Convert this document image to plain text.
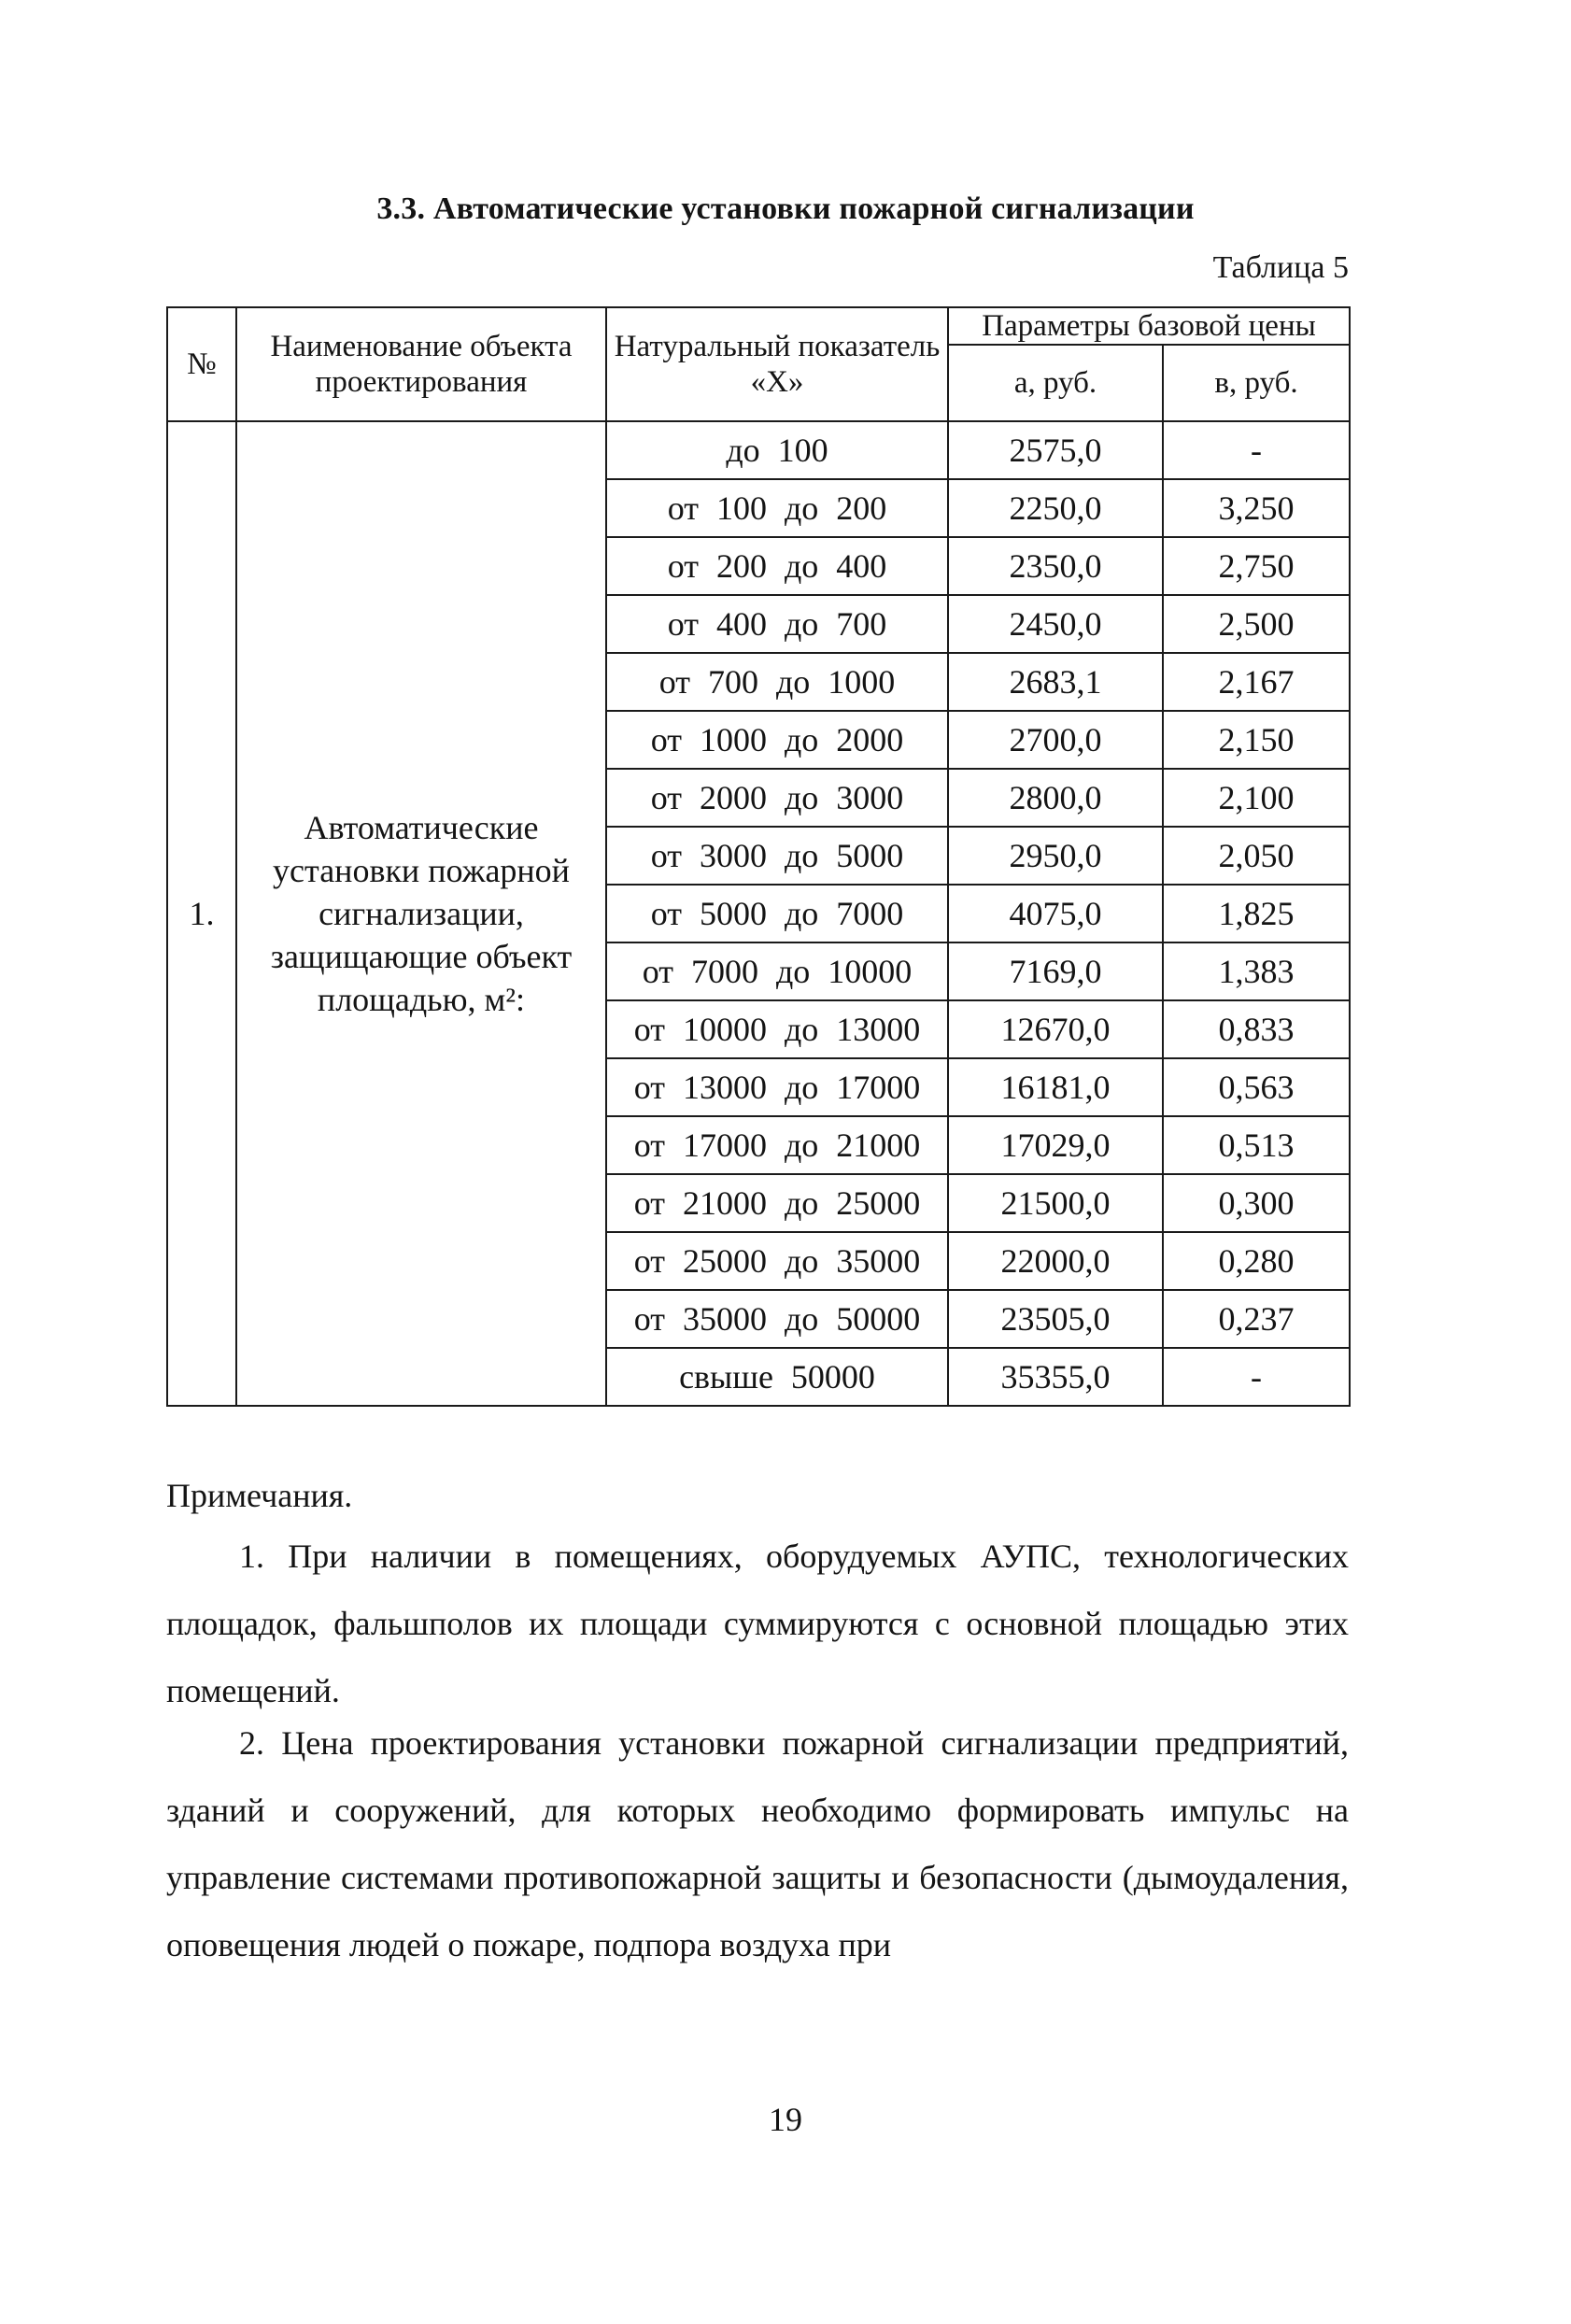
3.3. Автоматические установки пожарной сигнализации
Таблица 5
№	Наименование объекта проектирования	Натуральный показатель «Х»	Параметры базовой цены	
			а, руб.	в, руб.
1.	Автоматические установки пожарной сигнализации, защищающие объект площадью, м²:	до 100	2575,0	-
		от 100 до 200	2250,0	3,250
		от 200 до 400	2350,0	2,750
		от 400 до 700	2450,0	2,500
		от 700 до 1000	2683,1	2,167
		от 1000 до 2000	2700,0	2,150
		от 2000 до 3000	2800,0	2,100
		от 3000 до 5000	2950,0	2,050
		от 5000 до 7000	4075,0	1,825
		от 7000 до 10000	7169,0	1,383
		от 10000 до 13000	12670,0	0,833
		от 13000 до 17000	16181,0	0,563
		от 17000 до 21000	17029,0	0,513
		от 21000 до 25000	21500,0	0,300
		от 25000 до 35000	22000,0	0,280
		от 35000 до 50000	23505,0	0,237
		свыше 50000	35355,0	-
Примечания.
1. При наличии в помещениях, оборудуемых АУПС, технологических площадок, фальшполов их площади суммируются с основной площадью этих помещений.
2. Цена проектирования установки пожарной сигнализации предприятий, зданий и сооружений, для которых необходимо формировать импульс на управление системами противопожарной защиты и безопасности (дымоудаления, оповещения людей о пожаре, подпора воздуха при
19
